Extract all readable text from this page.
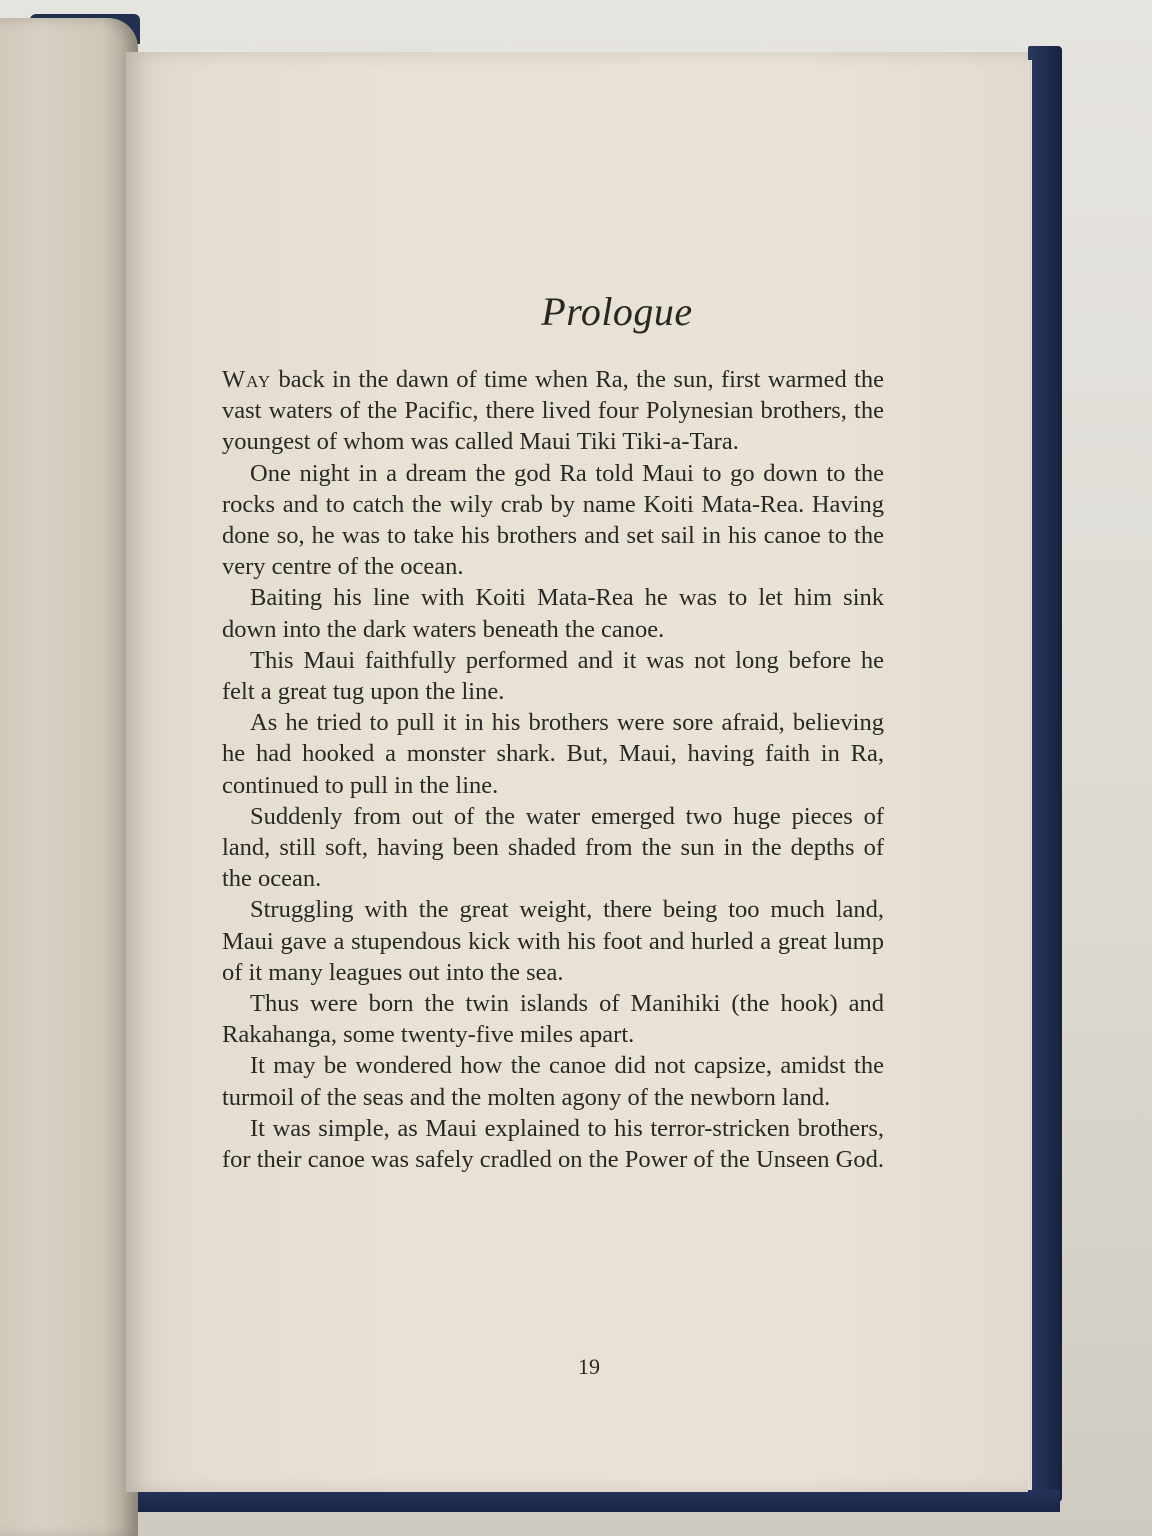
Prologue

Way back in the dawn of time when Ra, the sun, first warmed the vast waters of the Pacific, there lived four Polynesian brothers, the youngest of whom was called Maui Tiki Tiki-a-Tara.

One night in a dream the god Ra told Maui to go down to the rocks and to catch the wily crab by name Koiti Mata-Rea. Having done so, he was to take his brothers and set sail in his canoe to the very centre of the ocean.

Baiting his line with Koiti Mata-Rea he was to let him sink down into the dark waters beneath the canoe.

This Maui faithfully performed and it was not long before he felt a great tug upon the line.

As he tried to pull it in his brothers were sore afraid, believing he had hooked a monster shark. But, Maui, having faith in Ra, continued to pull in the line.

Suddenly from out of the water emerged two huge pieces of land, still soft, having been shaded from the sun in the depths of the ocean.

Struggling with the great weight, there being too much land, Maui gave a stupendous kick with his foot and hurled a great lump of it many leagues out into the sea.

Thus were born the twin islands of Manihiki (the hook) and Rakahanga, some twenty-five miles apart.

It may be wondered how the canoe did not capsize, amidst the turmoil of the seas and the molten agony of the newborn land.

It was simple, as Maui explained to his terror-stricken brothers, for their canoe was safely cradled on the Power of the Unseen God.

19
